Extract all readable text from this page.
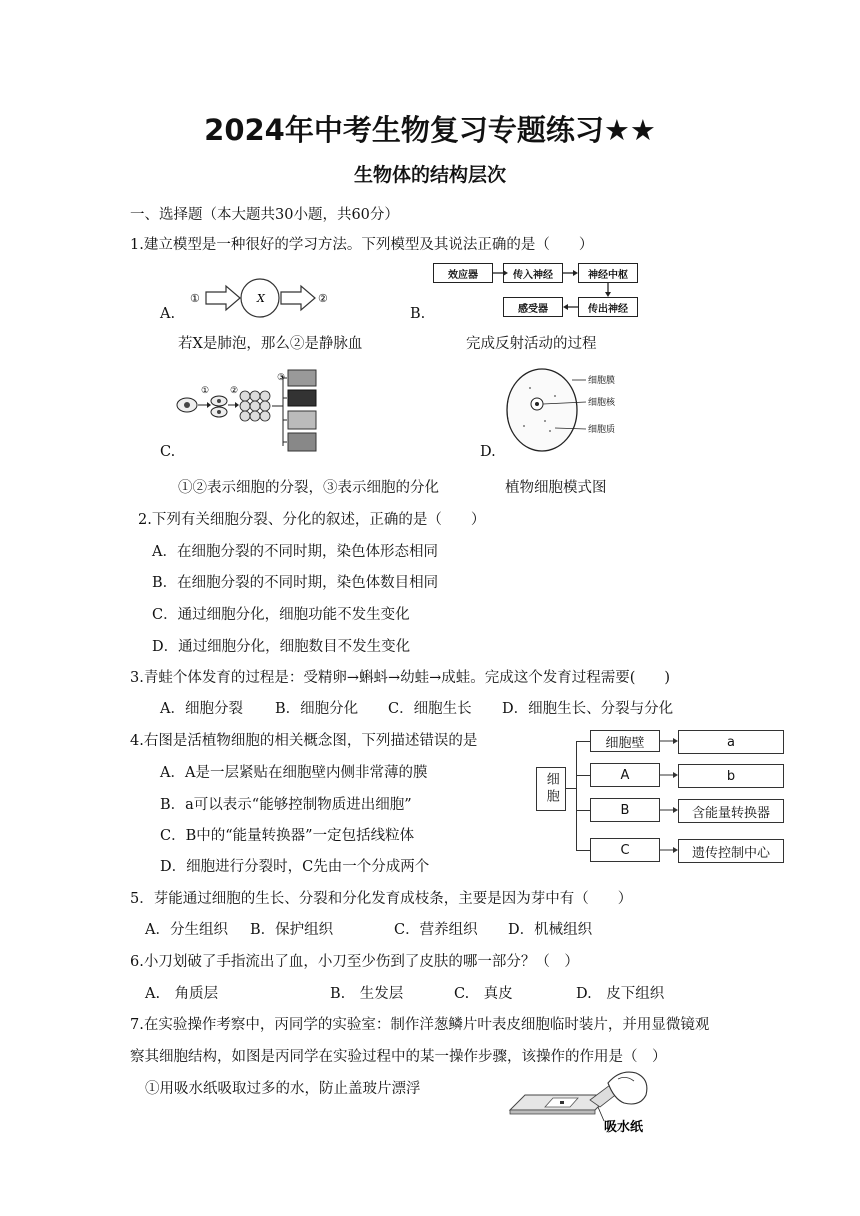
2024年中考生物复习专题练习★★
生物体的结构层次
一、选择题（本大题共30小题，共60分）
1.建立模型是一种很好的学习方法。下列模型及其说法正确的是（　　）
A.
①	X	②
若X是肺泡，那么②是静脉血
B.
效应器	传入神经	神经中枢
传出神经
感受器
完成反射活动的过程
C.
① ②
③
①②表示细胞的分裂，③表示细胞的分化
D.
细胞膜
细胞核
细胞质
植物细胞模式图
2.下列有关细胞分裂、分化的叙述，正确的是（　　）
A．在细胞分裂的不同时期，染色体形态相同
B．在细胞分裂的不同时期，染色体数目相同
C．通过细胞分化，细胞功能不发生变化
D．通过细胞分化，细胞数目不发生变化
3.青蛙个体发育的过程是：受精卵→蝌蚪→幼蛙→成蛙。完成这个发育过程需要(　　)
A．细胞分裂 B．细胞分化 C．细胞生长 D．细胞生长、分裂与分化
4.右图是活植物细胞的相关概念图，下列描述错误的是
A．A是一层紧贴在细胞壁内侧非常薄的膜
B．a可以表示“能够控制物质进出细胞”
C．B中的“能量转换器”一定包括线粒体
D．细胞进行分裂时，C先由一个分成两个
细胞
细胞壁
A
B
C
a
b
含能量转换器
遗传控制中心
5．芽能通过细胞的生长、分裂和分化发育成枝条，主要是因为芽中有（　　）
A．分生组织 B．保护组织	C．营养组织 D．机械组织
6.小刀划破了手指流出了血，小刀至少伤到了皮肤的哪一部分？（　）
A.　角质层	B.　生发层	C.　真皮	D.　皮下组织
7.在实验操作考察中，丙同学的实验室：制作洋葱鳞片叶表皮细胞临时装片，并用显微镜观
察其细胞结构，如图是丙同学在实验过程中的某一操作步骤，该操作的作用是（　）
①用吸水纸吸取过多的水，防止盖玻片漂浮
吸水纸
